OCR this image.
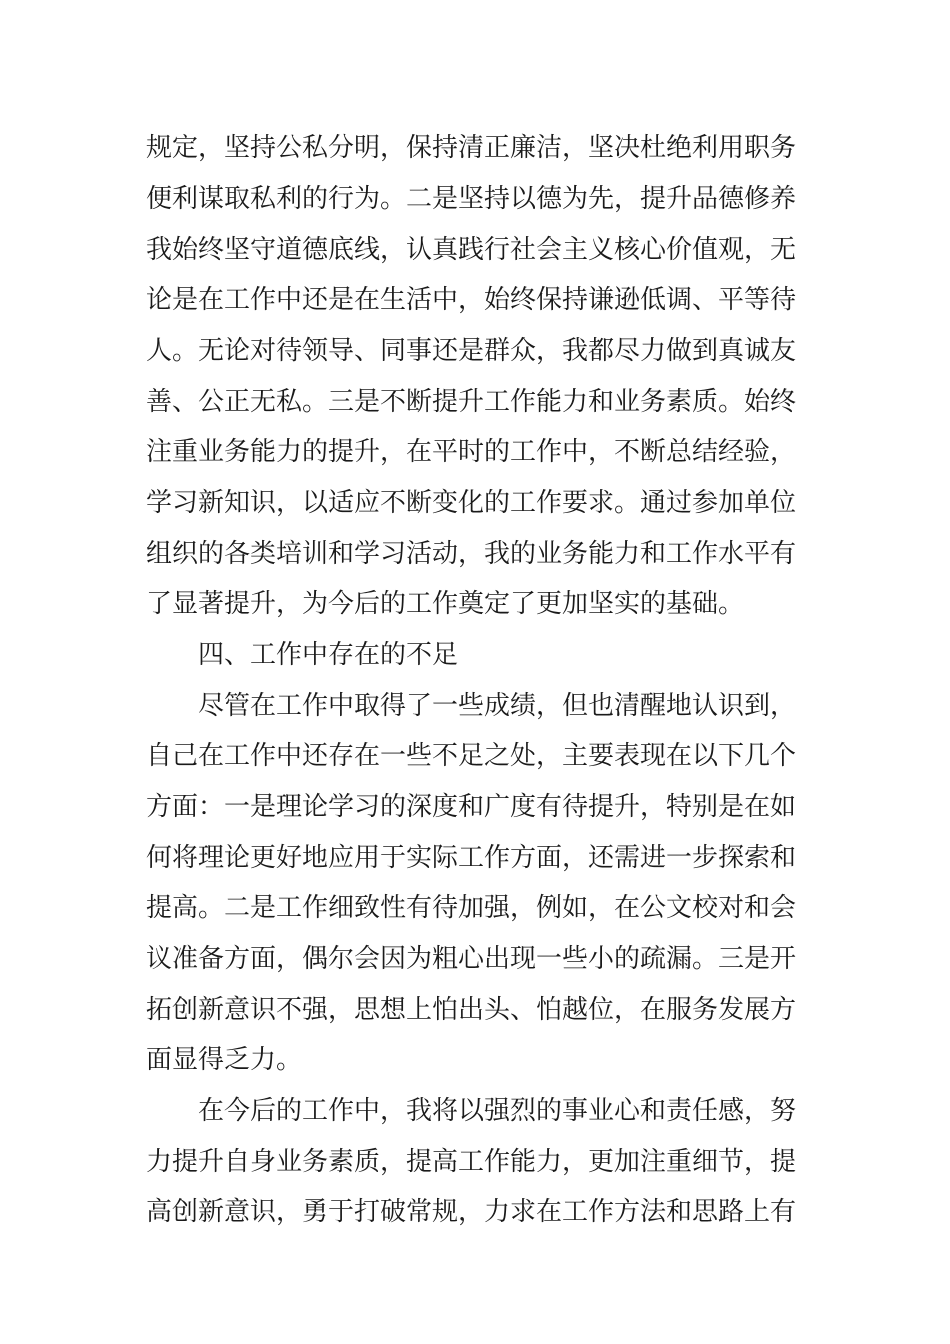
规定，坚持公私分明，保持清正廉洁，坚决杜绝利用职务
便利谋取私利的行为。二是坚持以德为先，提升品德修养
我始终坚守道德底线，认真践行社会主义核心价值观，无
论是在工作中还是在生活中，始终保持谦逊低调、平等待
人。无论对待领导、同事还是群众，我都尽力做到真诚友
善、公正无私。三是不断提升工作能力和业务素质。始终
注重业务能力的提升，在平时的工作中，不断总结经验，
学习新知识，以适应不断变化的工作要求。通过参加单位
组织的各类培训和学习活动，我的业务能力和工作水平有
了显著提升，为今后的工作奠定了更加坚实的基础。
四、工作中存在的不足
尽管在工作中取得了一些成绩，但也清醒地认识到，
自己在工作中还存在一些不足之处，主要表现在以下几个
方面：一是理论学习的深度和广度有待提升，特别是在如
何将理论更好地应用于实际工作方面，还需进一步探索和
提高。二是工作细致性有待加强，例如，在公文校对和会
议准备方面，偶尔会因为粗心出现一些小的疏漏。三是开
拓创新意识不强，思想上怕出头、怕越位，在服务发展方
面显得乏力。
在今后的工作中，我将以强烈的事业心和责任感，努
力提升自身业务素质，提高工作能力，更加注重细节，提
高创新意识，勇于打破常规，力求在工作方法和思路上有
